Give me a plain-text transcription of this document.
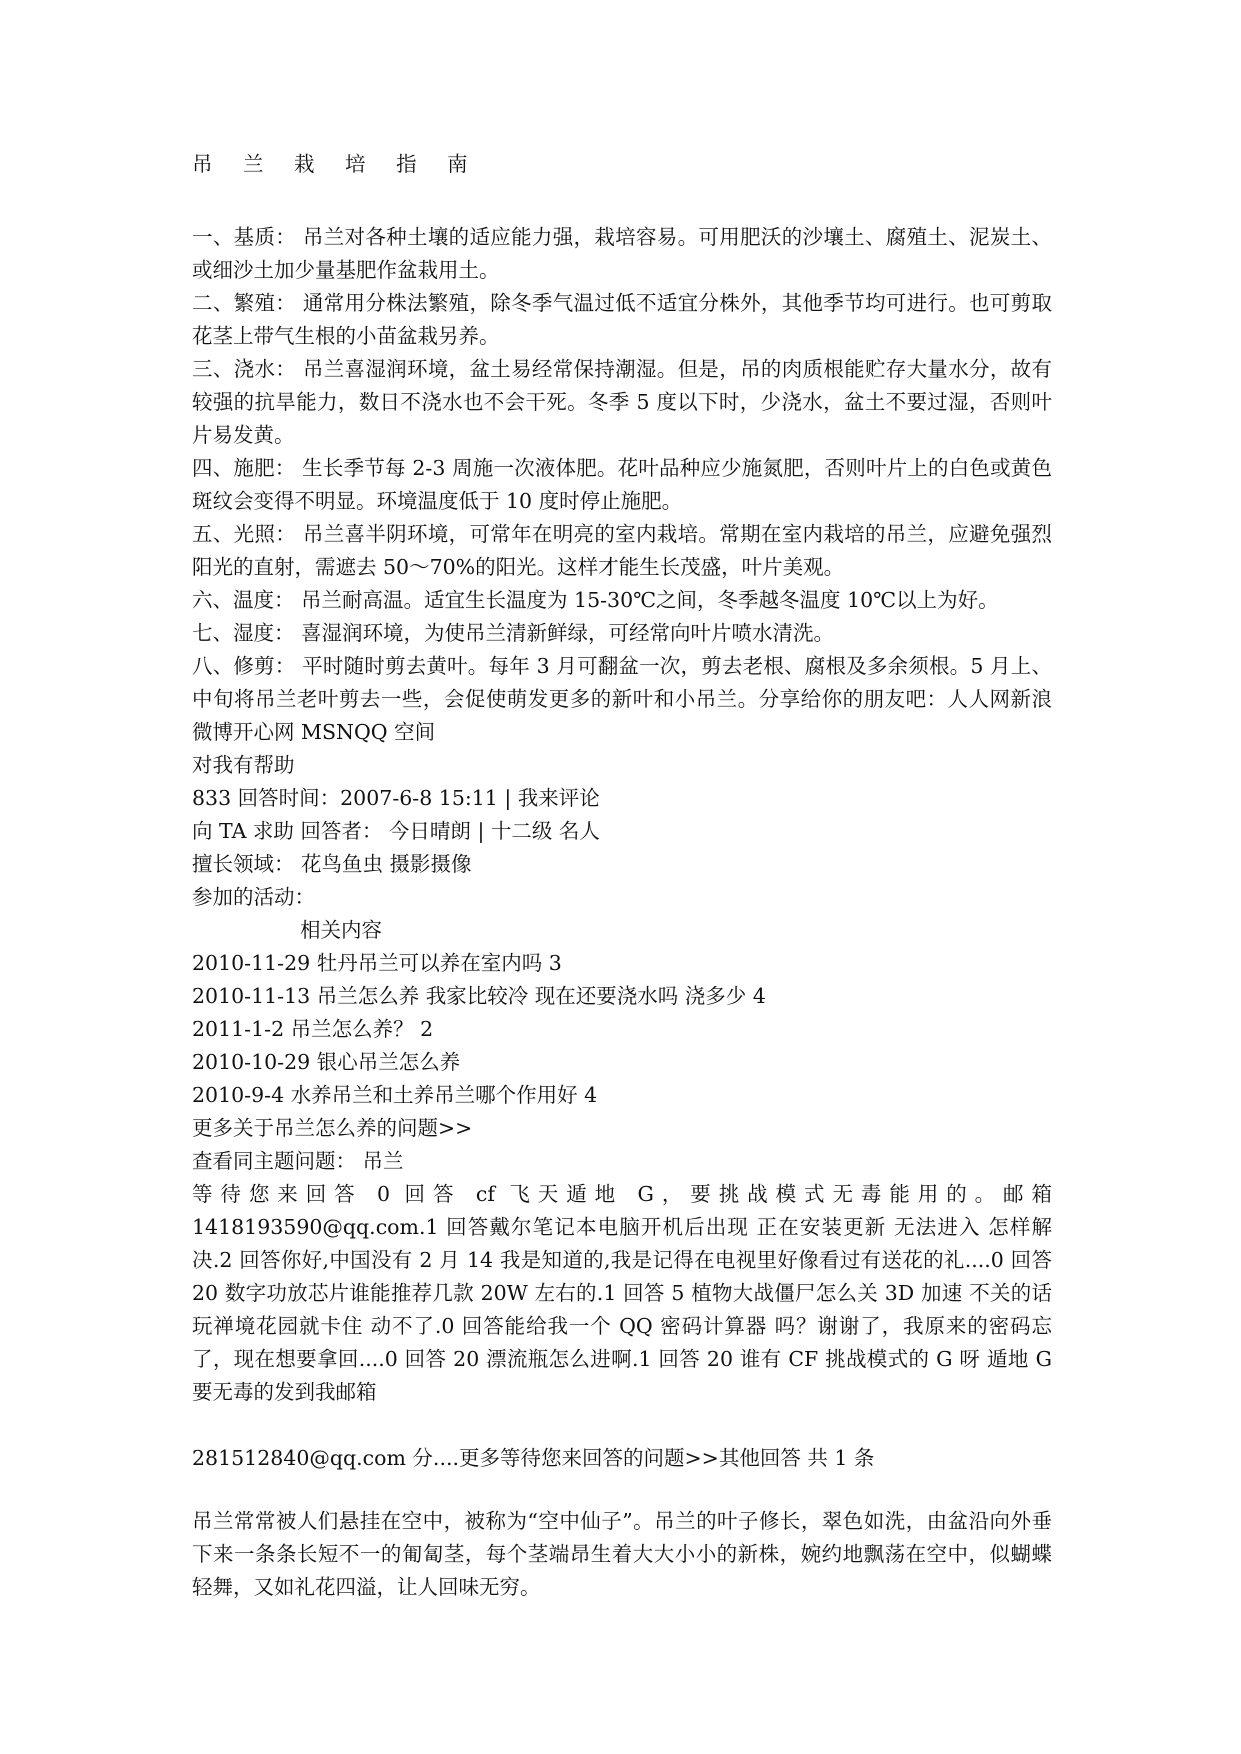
吊 兰 栽 培 指 南
一、基质： 吊兰对各种土壤的适应能力强，栽培容易。可用肥沃的沙壤土、腐殖土、泥炭土、或细沙土加少量基肥作盆栽用土。
二、繁殖： 通常用分株法繁殖，除冬季气温过低不适宜分株外，其他季节均可进行。也可剪取花茎上带气生根的小苗盆栽另养。
三、浇水： 吊兰喜湿润环境，盆土易经常保持潮湿。但是，吊的肉质根能贮存大量水分，故有较强的抗旱能力，数日不浇水也不会干死。冬季 5 度以下时，少浇水，盆土不要过湿，否则叶片易发黄。
四、施肥： 生长季节每 2-3 周施一次液体肥。花叶品种应少施氮肥，否则叶片上的白色或黄色斑纹会变得不明显。环境温度低于 10 度时停止施肥。
五、光照： 吊兰喜半阴环境，可常年在明亮的室内栽培。常期在室内栽培的吊兰，应避免强烈阳光的直射，需遮去 50～70%的阳光。这样才能生长茂盛，叶片美观。
六、温度： 吊兰耐高温。适宜生长温度为 15-30℃之间，冬季越冬温度 10℃以上为好。
七、湿度： 喜湿润环境，为使吊兰清新鲜绿，可经常向叶片喷水清洗。
八、修剪： 平时随时剪去黄叶。每年 3 月可翻盆一次，剪去老根、腐根及多余须根。5 月上、中旬将吊兰老叶剪去一些，会促使萌发更多的新叶和小吊兰。分享给你的朋友吧：人人网新浪微博开心网 MSNQQ 空间
对我有帮助
833 回答时间：2007-6-8 15:11 | 我来评论
向 TA 求助 回答者： 今日晴朗 | 十二级 名人
擅长领域： 花鸟鱼虫 摄影摄像
参加的活动：
相关内容
2010-11-29 牡丹吊兰可以养在室内吗 3
2010-11-13 吊兰怎么养 我家比较冷 现在还要浇水吗 浇多少 4
2011-1-2 吊兰怎么养？ 2
2010-10-29 银心吊兰怎么养
2010-9-4 水养吊兰和土养吊兰哪个作用好 4
更多关于吊兰怎么养的问题>>
查看同主题问题： 吊兰
等待您来回答 0 回答 cf 飞天遁地 G，要挑战模式无毒能用的。邮箱 1418193590@qq.com.1 回答戴尔笔记本电脑开机后出现 正在安装更新 无法进入 怎样解决.2 回答你好,中国没有 2 月 14 我是知道的,我是记得在电视里好像看过有送花的礼....0 回答 20 数字功放芯片谁能推荐几款 20W 左右的.1 回答 5 植物大战僵尸怎么关 3D 加速 不关的话玩禅境花园就卡住 动不了.0 回答能给我一个 QQ 密码计算器 吗？谢谢了，我原来的密码忘了，现在想要拿回....0 回答 20 漂流瓶怎么进啊.1 回答 20 谁有 CF 挑战模式的 G 呀 遁地 G 要无毒的发到我邮箱
281512840@qq.com 分....更多等待您来回答的问题>>其他回答 共 1 条
吊兰常常被人们悬挂在空中，被称为“空中仙子”。吊兰的叶子修长，翠色如洗，由盆沿向外垂下来一条条长短不一的匍匐茎，每个茎端昂生着大大小小的新株，婉约地飘荡在空中，似蝴蝶轻舞，又如礼花四溢，让人回味无穷。
